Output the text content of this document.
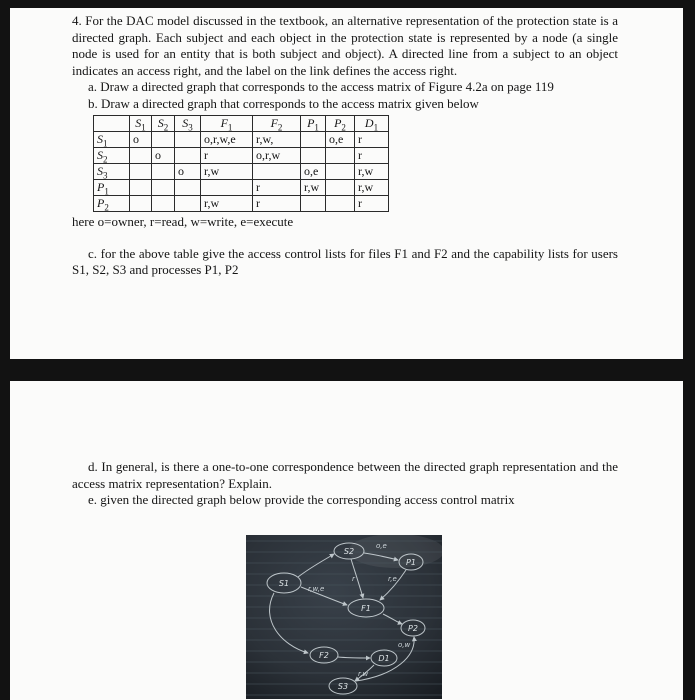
4. For the DAC model discussed in the textbook, an alternative representation of the protection state is a directed graph. Each subject and each object in the protection state is represented by a node (a single node is used for an entity that is both subject and object). A directed line from a subject to an object indicates an access right, and the label on the link defines the access right.

a. Draw a directed graph that corresponds to the access matrix of Figure 4.2a on page 119
b. Draw a directed graph that corresponds to the access matrix given below
	$S_1$	$S_2$	$S_3$	$F_1$	$F_2$	$P_1$	$P_2$	$D_1$
$S_1$	o			o,r,w,e	r,w,		o,e	r
$S_2$		o		r	o,r,w			r
$S_3$			o	r,w		o,e		r,w
$P_1$					r	r,w		r,w
$P_2$				r,w	r			r
here o=owner, r=read, w=write, e=execute

c. for the above table give the access control lists for files F1 and F2 and the capability lists for users S1, S2, S3 and processes P1, P2

d. In general, is there a one-to-one correspondence between the directed graph representation and the access matrix representation? Explain.

e. given the directed graph below provide the corresponding access control matrix
S2
P1
S1
F1
P2
F2	D1
S3
o,e
r,e
r,w,e
r
o,w
r,w
